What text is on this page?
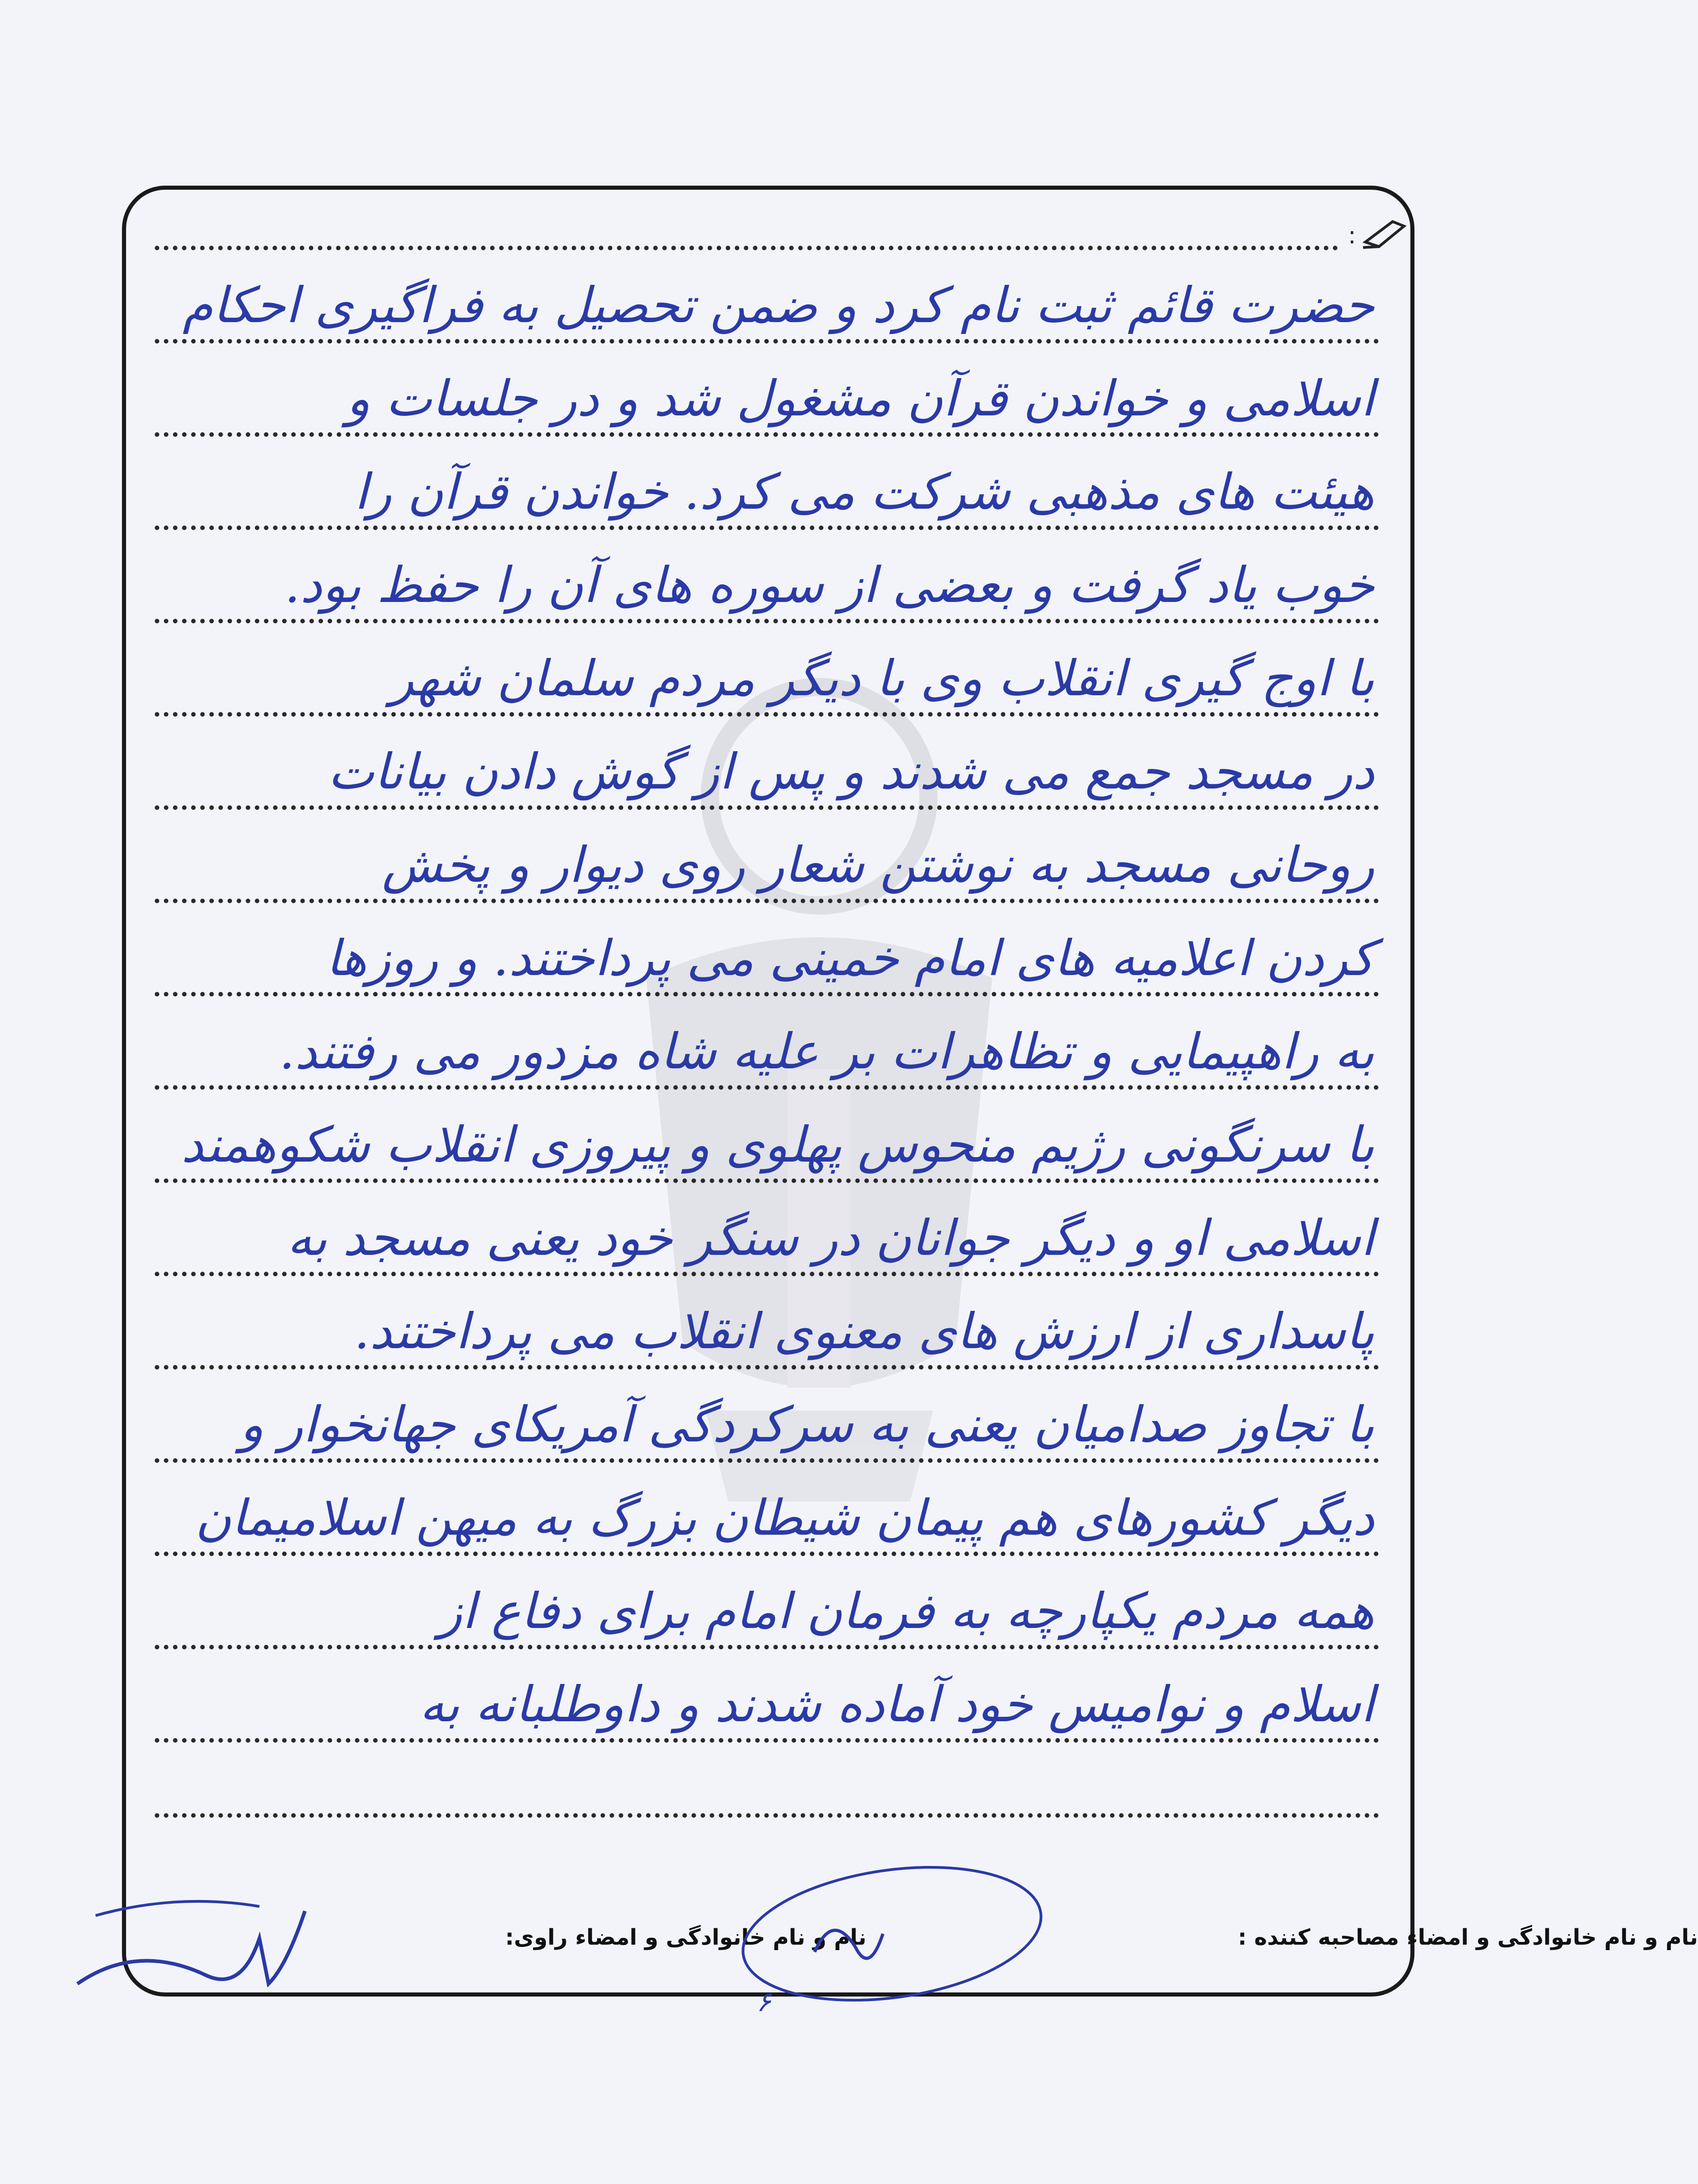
:
حضرت قائم ثبت نام کرد و ضمن تحصیل به فراگیری احکام
اسلامی و خواندن قرآن مشغول شد و در جلسات و
هیئت های مذهبی شرکت می کرد. خواندن قرآن را
خوب یاد گرفت و بعضی از سوره های آن را حفظ بود.
با اوج گیری انقلاب وی با دیگر مردم سلمان شهر
در مسجد جمع می شدند و پس از گوش دادن بیانات
روحانی مسجد به نوشتن شعار روی دیوار و پخش
کردن اعلامیه های امام خمینی می پرداختند. و روزها
به راهپیمایی و تظاهرات بر علیه شاه مزدور می رفتند.
با سرنگونی رژیم منحوس پهلوی و پیروزی انقلاب شکوهمند
اسلامی او و دیگر جوانان در سنگر خود یعنی مسجد به
پاسداری از ارزش های معنوی انقلاب می پرداختند.
با تجاوز صدامیان یعنی به سرکردگی آمریکای جهانخوار و
دیگر کشورهای هم پیمان شیطان بزرگ به میهن اسلامیمان
همه مردم یکپارچه به فرمان امام برای دفاع از
اسلام و نوامیس خود آماده شدند و داوطلبانه به
نام و نام خانوادگی و امضاء مصاحبه کننده :
نام و نام خانوادگی و امضاء راوی:
۶
